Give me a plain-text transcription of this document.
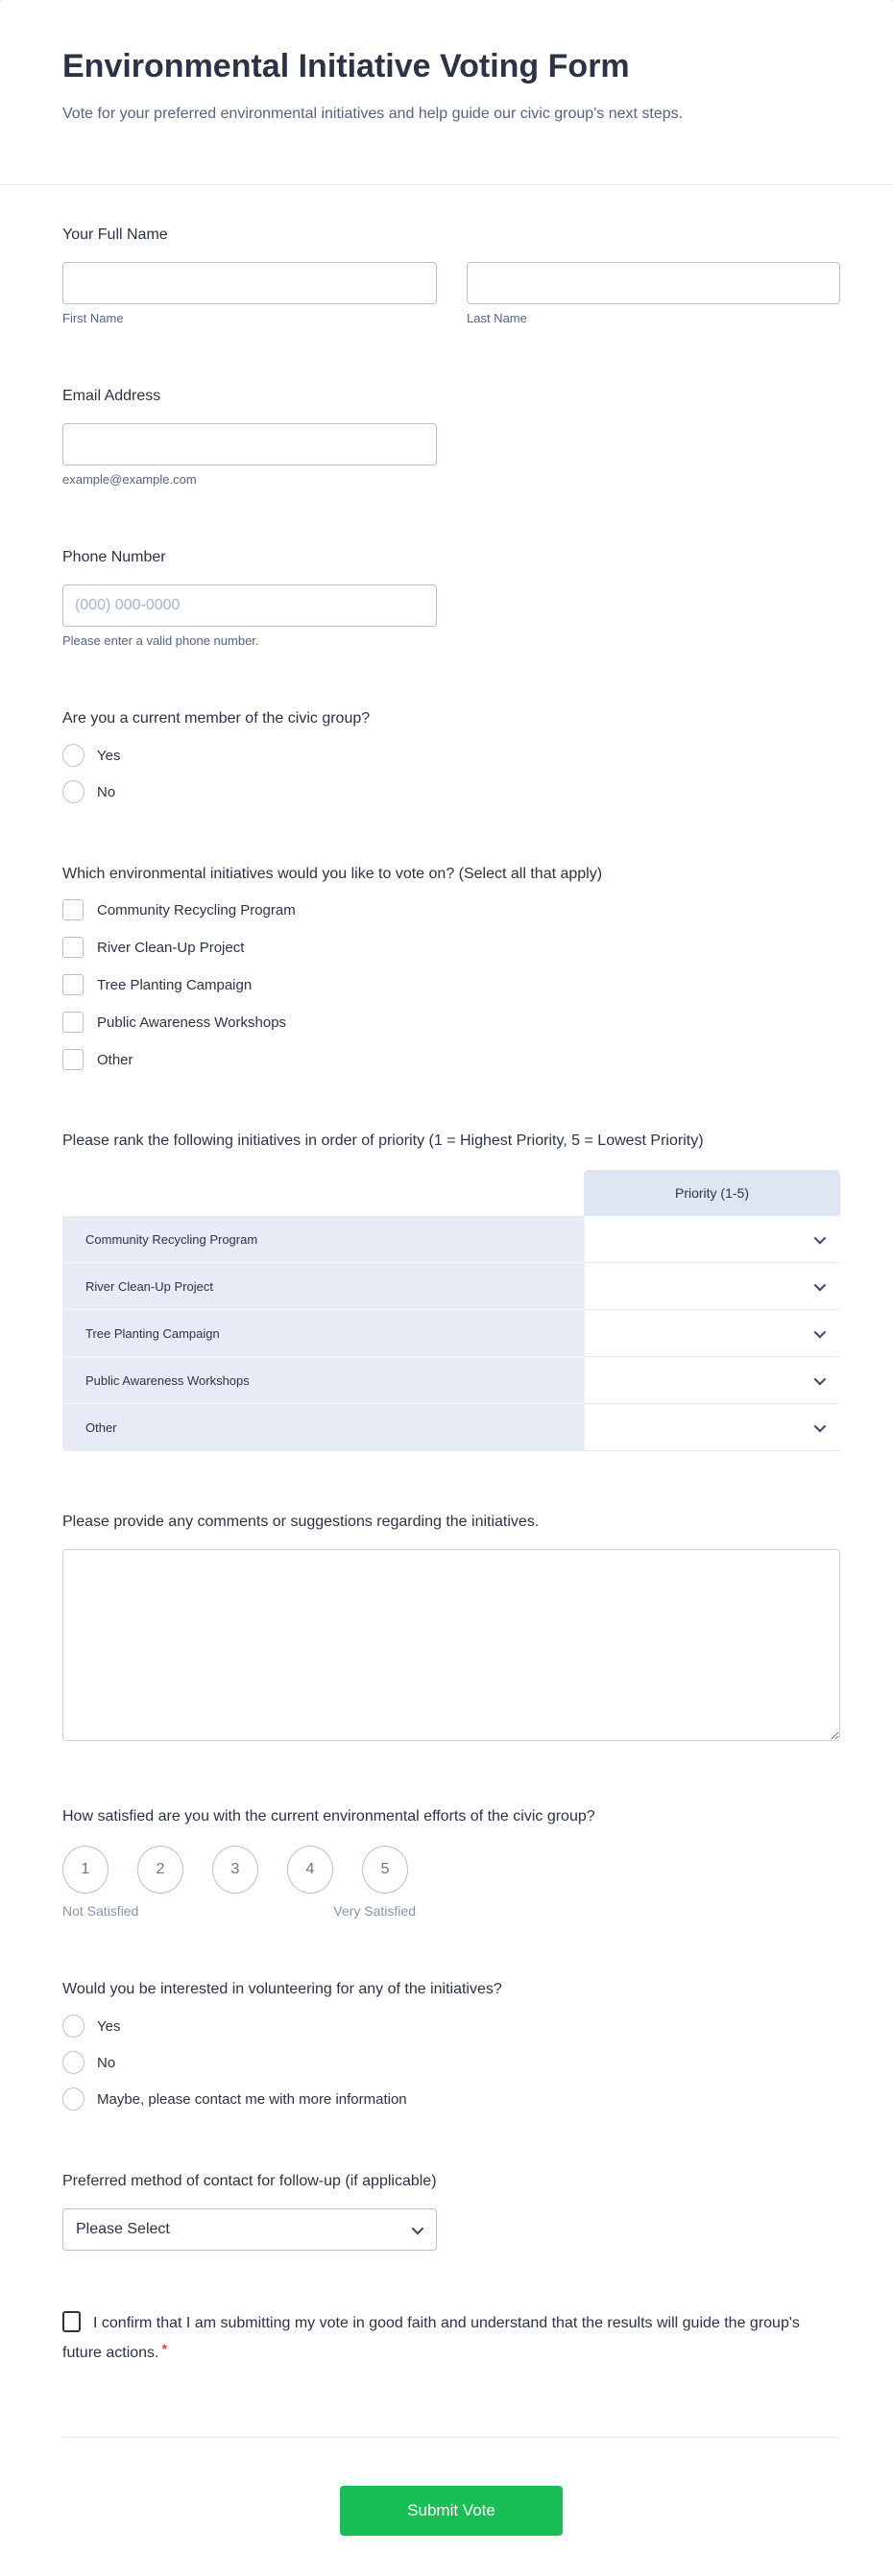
Environmental Initiative Voting Form
Vote for your preferred environmental initiatives and help guide our civic group's next steps.
Your Full Name
First Name	Last Name
Email Address
example@example.com
Phone Number
(000) 000-0000
Please enter a valid phone number.
Are you a current member of the civic group?
Yes
No
Which environmental initiatives would you like to vote on? (Select all that apply)
Community Recycling Program
River Clean-Up Project
Tree Planting Campaign
Public Awareness Workshops
Other
Please rank the following initiatives in order of priority (1 = Highest Priority, 5 = Lowest Priority)
Priority (1-5)
Community Recycling Program
River Clean-Up Project
Tree Planting Campaign
Public Awareness Workshops
Other
Please provide any comments or suggestions regarding the initiatives.
How satisfied are you with the current environmental efforts of the civic group?
1	2	3	4	5
Not Satisfied	Very Satisfied
Would you be interested in volunteering for any of the initiatives?
Yes
No
Maybe, please contact me with more information
Preferred method of contact for follow-up (if applicable)
Please Select
I confirm that I am submitting my vote in good faith and understand that the results will guide the group's future actions. *
Submit Vote
